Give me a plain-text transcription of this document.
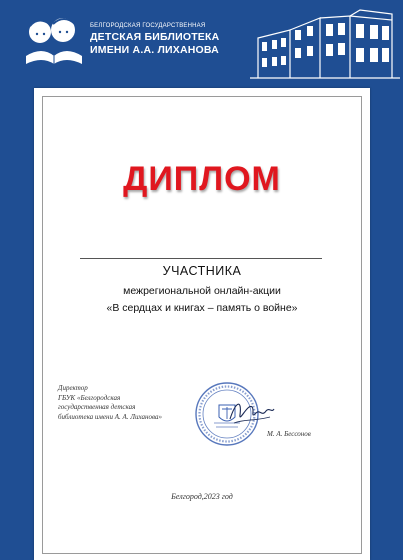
БЕЛГОРОДСКАЯ ГОСУДАРСТВЕННАЯ
ДЕТСКАЯ БИБЛИОТЕКА
ИМЕНИ А.А. ЛИХАНОВА
ДИПЛОМ
УЧАСТНИКА
межрегиональной онлайн-акции
«В сердцах и книгах – память о войне»
Директор
ГБУК «Белгородская
государственная детская
библиотека имени А. А. Лиханова»
М. А. Бессонов
Белгород,2023 год
